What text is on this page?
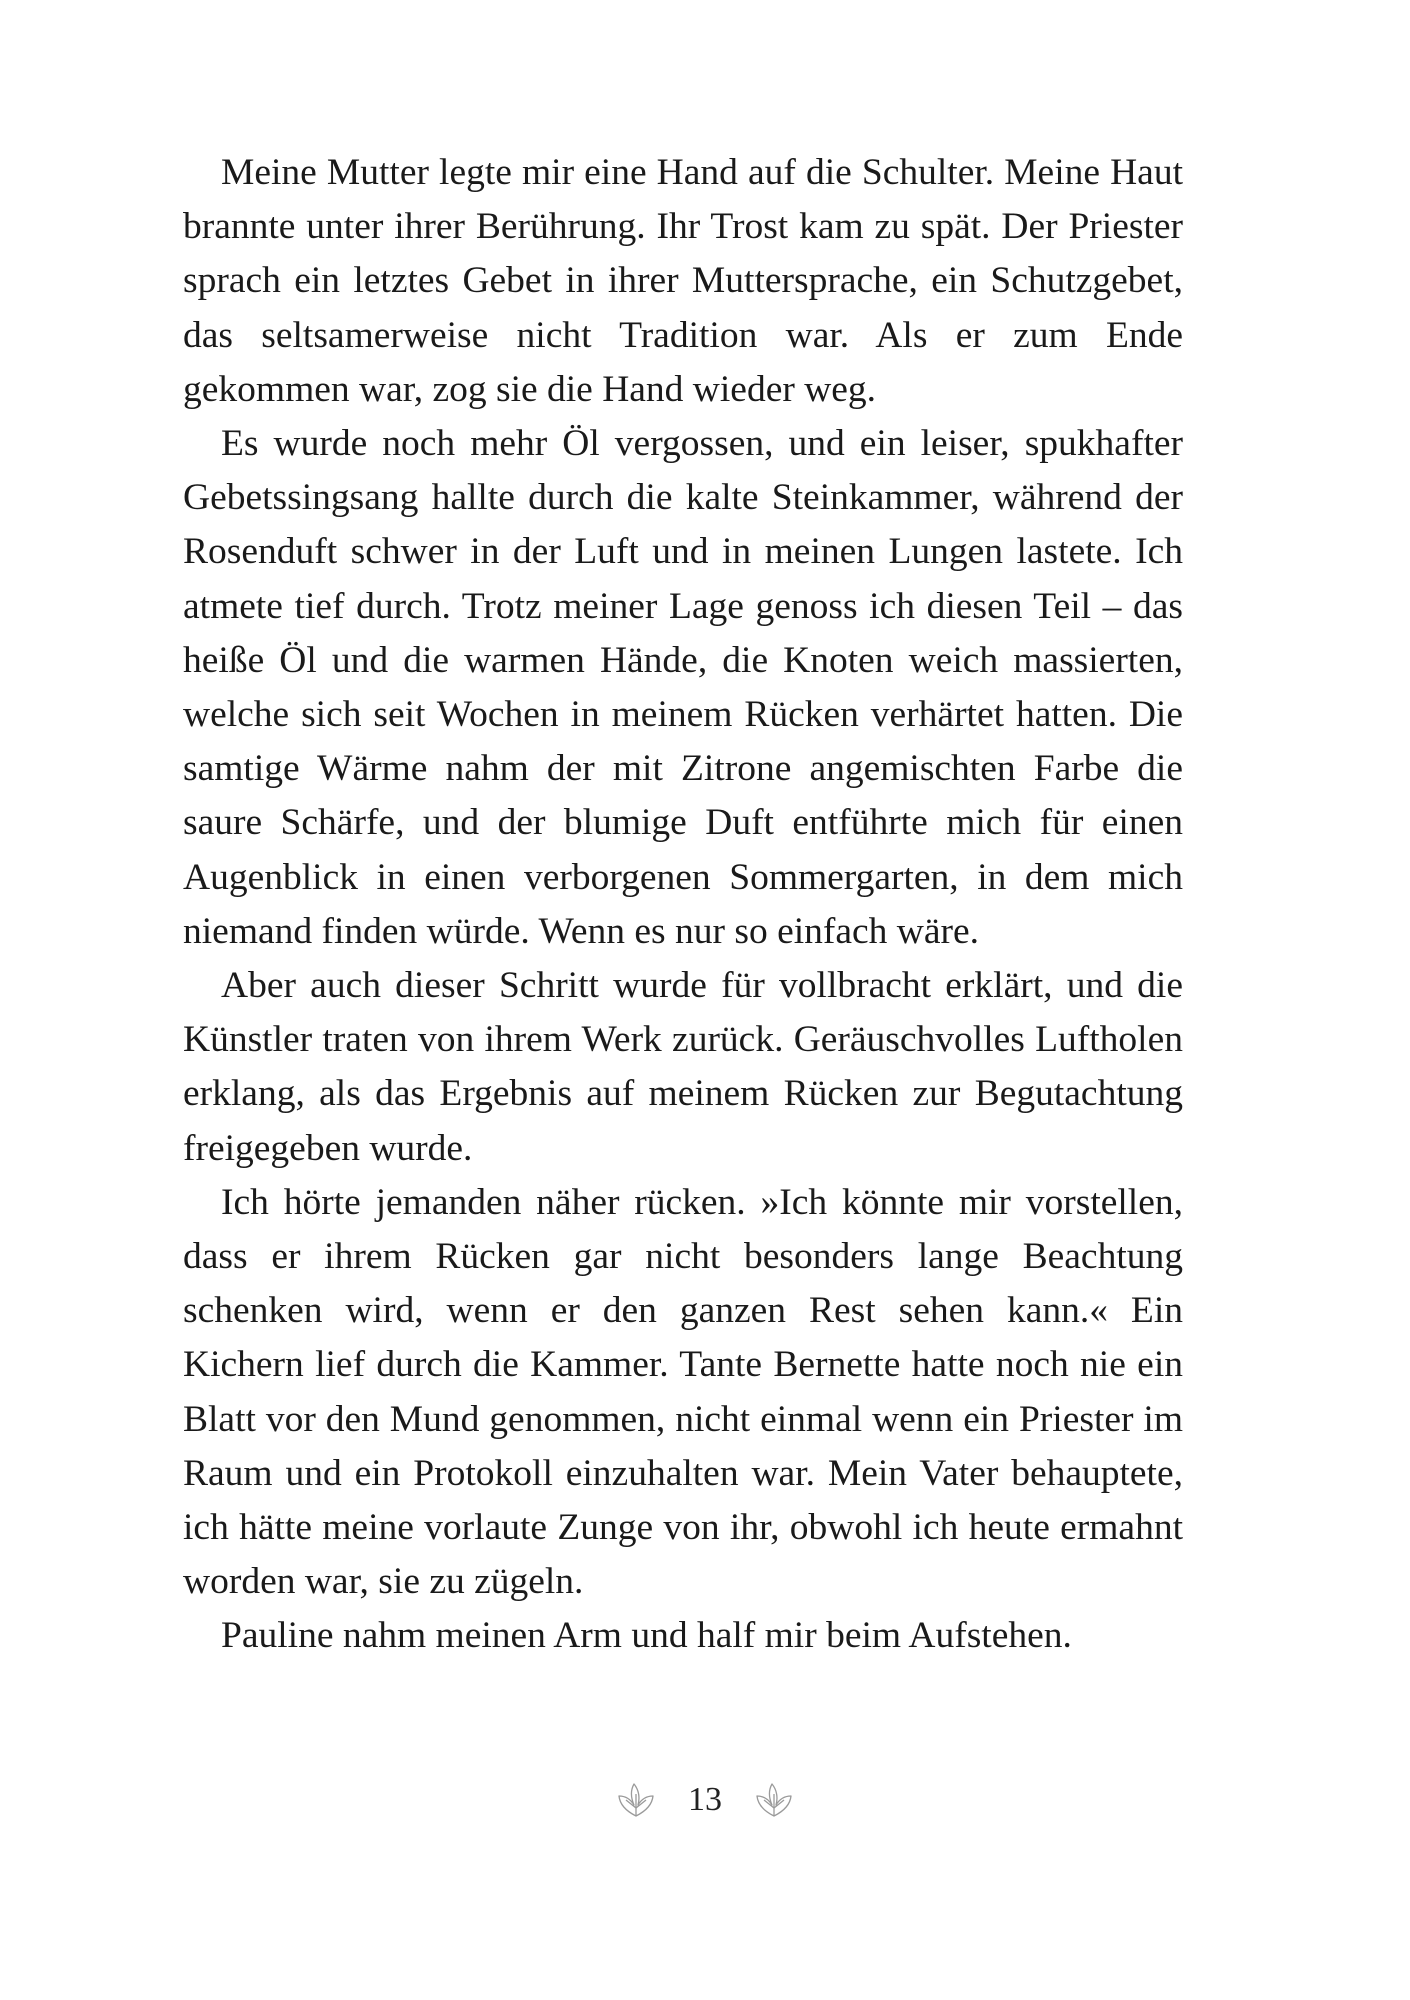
Meine Mutter legte mir eine Hand auf die Schulter. Meine Haut brannte unter ihrer Berührung. Ihr Trost kam zu spät. Der Priester sprach ein letztes Gebet in ihrer Muttersprache, ein Schutzgebet, das seltsamerweise nicht Tradition war. Als er zum Ende gekommen war, zog sie die Hand wieder weg.

Es wurde noch mehr Öl vergossen, und ein leiser, spukhafter Gebetssingsang hallte durch die kalte Steinkammer, während der Rosenduft schwer in der Luft und in meinen Lungen lastete. Ich atmete tief durch. Trotz meiner Lage genoss ich diesen Teil – das heiße Öl und die warmen Hände, die Knoten weich massierten, welche sich seit Wochen in meinem Rücken verhärtet hatten. Die samtige Wärme nahm der mit Zitrone angemischten Farbe die saure Schärfe, und der blumige Duft entführte mich für einen Augenblick in einen verborgenen Sommergarten, in dem mich niemand finden würde. Wenn es nur so einfach wäre.

Aber auch dieser Schritt wurde für vollbracht erklärt, und die Künstler traten von ihrem Werk zurück. Geräuschvolles Luftholen erklang, als das Ergebnis auf meinem Rücken zur Begutachtung freigegeben wurde.

Ich hörte jemanden näher rücken. »Ich könnte mir vorstellen, dass er ihrem Rücken gar nicht besonders lange Beachtung schenken wird, wenn er den ganzen Rest sehen kann.« Ein Kichern lief durch die Kammer. Tante Bernette hatte noch nie ein Blatt vor den Mund genommen, nicht einmal wenn ein Priester im Raum und ein Protokoll einzuhalten war. Mein Vater behauptete, ich hätte meine vorlaute Zunge von ihr, obwohl ich heute ermahnt worden war, sie zu zügeln.

Pauline nahm meinen Arm und half mir beim Aufstehen.

13
